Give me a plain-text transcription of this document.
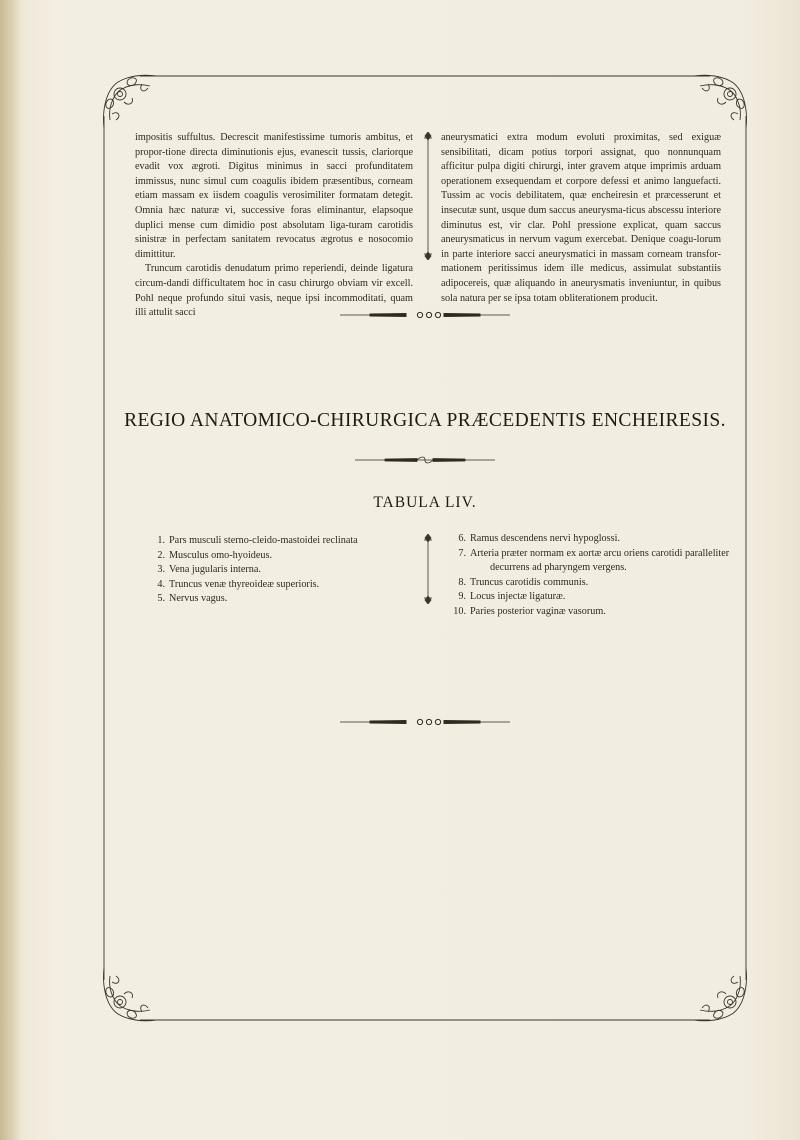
impositis suffultus. Decrescit manifestissime tumoris ambitus, et propor-tione directa diminutionis ejus, evanescit tussis, clariorque evadit vox ægroti. Digitus minimus in sacci profunditatem immissus, nunc simul cum coagulis ibidem præsentibus, corneam etiam massam ex iisdem coagulis verosimiliter formatam detegit. Omnia hæc naturæ vi, successive foras eliminantur, elapsoque duplici mense cum dimidio post absolutam liga-turam carotidis sinistræ in perfectam sanitatem revocatus ægrotus e nosocomio dimittitur.

Truncum carotidis denudatum primo reperiendi, deinde ligatura circum-dandi difficultatem hoc in casu chirurgo obviam vir excell. Pohl neque profundo situi vasis, neque ipsi incommoditati, quam illi attulit sacci

aneurysmatici extra modum evoluti proximitas, sed exiguæ sensibilitati, dicam potius torpori assignat, quo nonnunquam afficitur pulpa digiti chirurgi, inter gravem atque imprimis arduam operationem exsequendam et corpore defessi et animo languefacti. Tussim ac vocis debilitatem, quæ encheiresin et præcesserunt et insecutæ sunt, usque dum saccus aneurysma-ticus abscessu interiore diminutus est, vir clar. Pohl pressione explicat, quam saccus aneurysmaticus in nervum vagum exercebat. Denique coagu-lorum in parte interiore sacci aneurysmatici in massam corneam transfor-mationem peritissimus idem ille medicus, assimulat substantiis adipocereis, quæ aliquando in aneurysmatis inveniuntur, in quibus sola natura per se ipsa totam obliterationem producit.

REGIO ANATOMICO-CHIRURGICA PRÆCEDENTIS ENCHEIRESIS.
TABULA LIV.
1. Pars musculi sterno-cleido-mastoidei reclinata
2. Musculus omo-hyoideus.
3. Vena jugularis interna.
4. Truncus venæ thyreoideæ superioris.
5. Nervus vagus.
6. Ramus descendens nervi hypoglossi.
7. Arteria præter normam ex aortæ arcu oriens carotidi paralleliter
decurrens ad pharyngem vergens.
8. Truncus carotidis communis.
9. Locus injectæ ligaturæ.
10. Paries posterior vaginæ vasorum.
